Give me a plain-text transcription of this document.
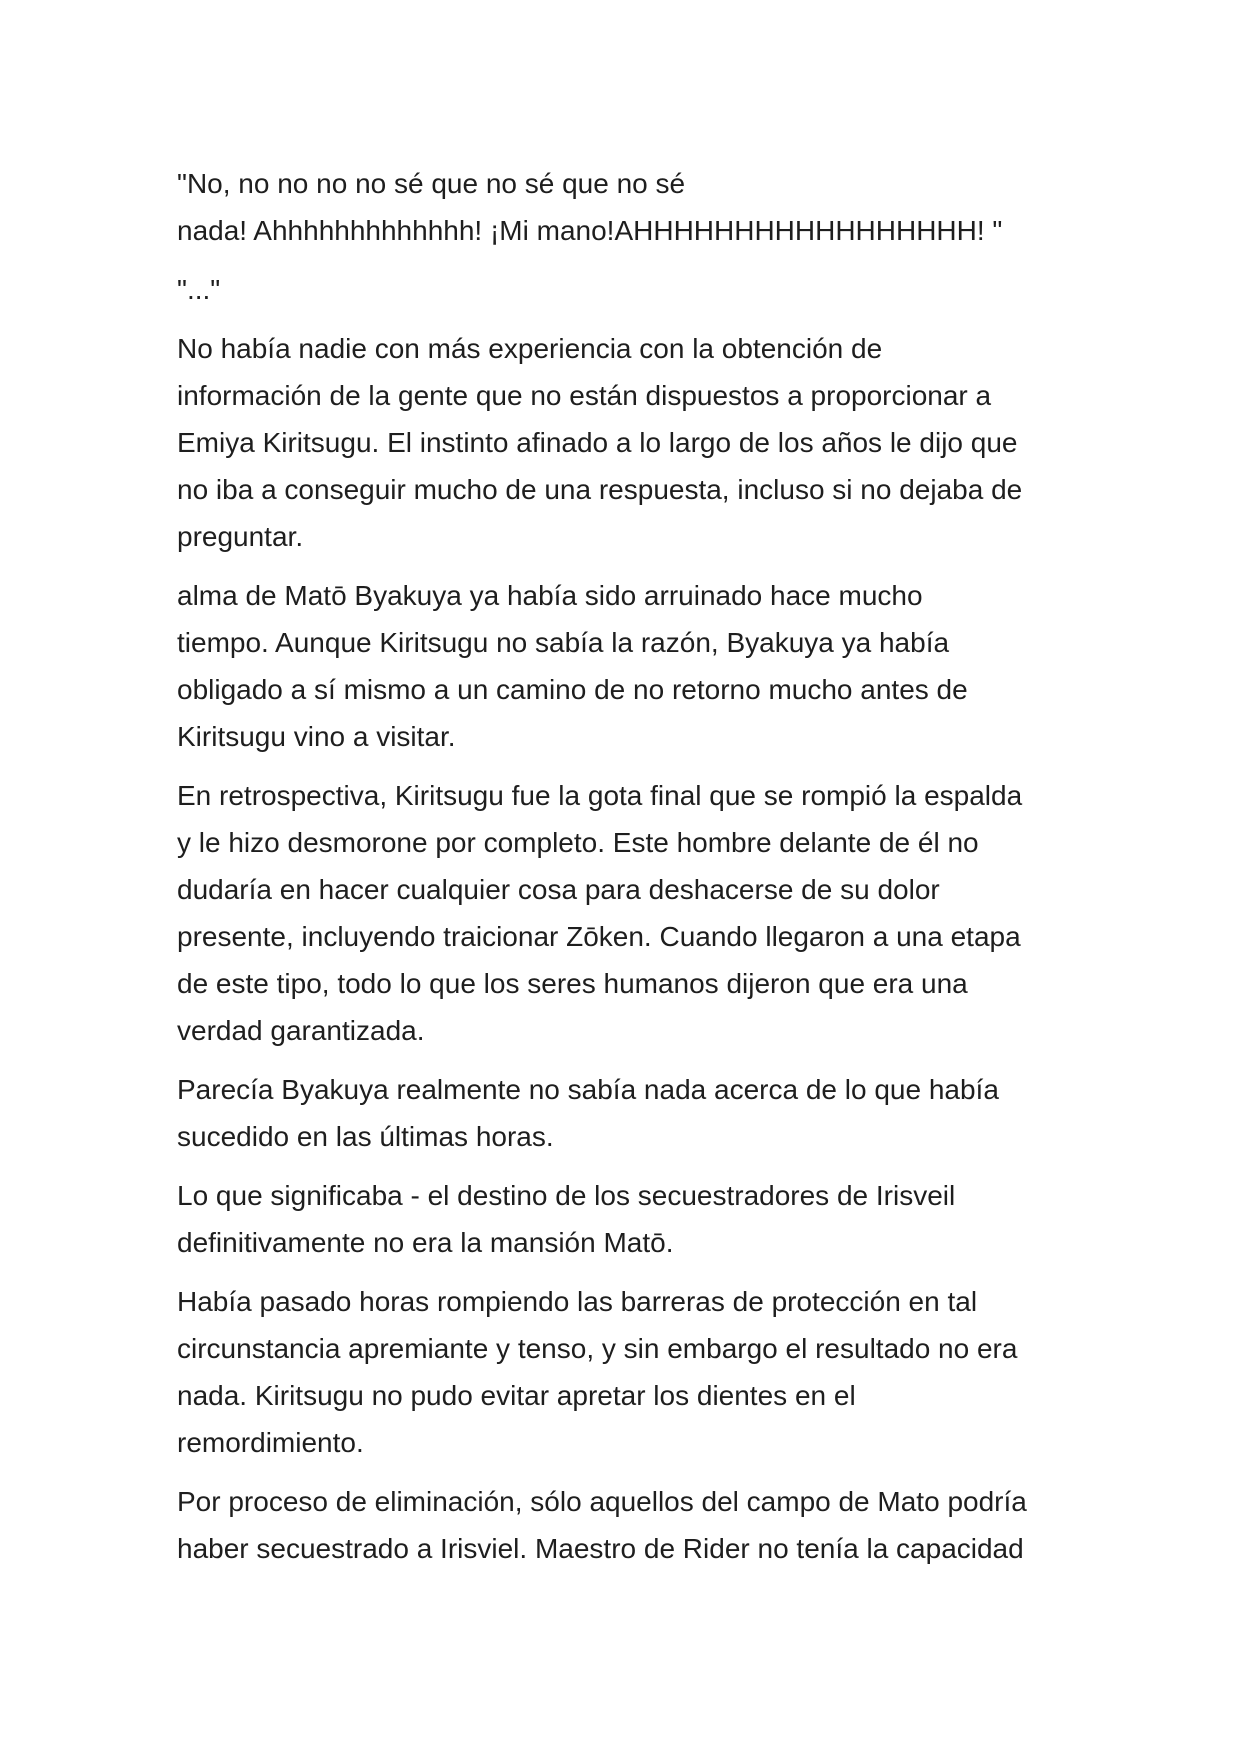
"No, no no no no sé que no sé que no sé
nada! Ahhhhhhhhhhhhh! ¡Mi mano!AHHHHHHHHHHHHHHHHH! "

"..."

No había nadie con más experiencia con la obtención de
información de la gente que no están dispuestos a proporcionar a
Emiya Kiritsugu. El instinto afinado a lo largo de los años le dijo que
no iba a conseguir mucho de una respuesta, incluso si no dejaba de
preguntar.

alma de Matō Byakuya ya había sido arruinado hace mucho
tiempo. Aunque Kiritsugu no sabía la razón, Byakuya ya había
obligado a sí mismo a un camino de no retorno mucho antes de
Kiritsugu vino a visitar.

En retrospectiva, Kiritsugu fue la gota final que se rompió la espalda
y le hizo desmorone por completo. Este hombre delante de él no
dudaría en hacer cualquier cosa para deshacerse de su dolor
presente, incluyendo traicionar Zōken. Cuando llegaron a una etapa
de este tipo, todo lo que los seres humanos dijeron que era una
verdad garantizada.

Parecía Byakuya realmente no sabía nada acerca de lo que había
sucedido en las últimas horas.

Lo que significaba - el destino de los secuestradores de Irisveil
definitivamente no era la mansión Matō.

Había pasado horas rompiendo las barreras de protección en tal
circunstancia apremiante y tenso, y sin embargo el resultado no era
nada. Kiritsugu no pudo evitar apretar los dientes en el
remordimiento.

Por proceso de eliminación, sólo aquellos del campo de Mato podría
haber secuestrado a Irisviel. Maestro de Rider no tenía la capacidad
